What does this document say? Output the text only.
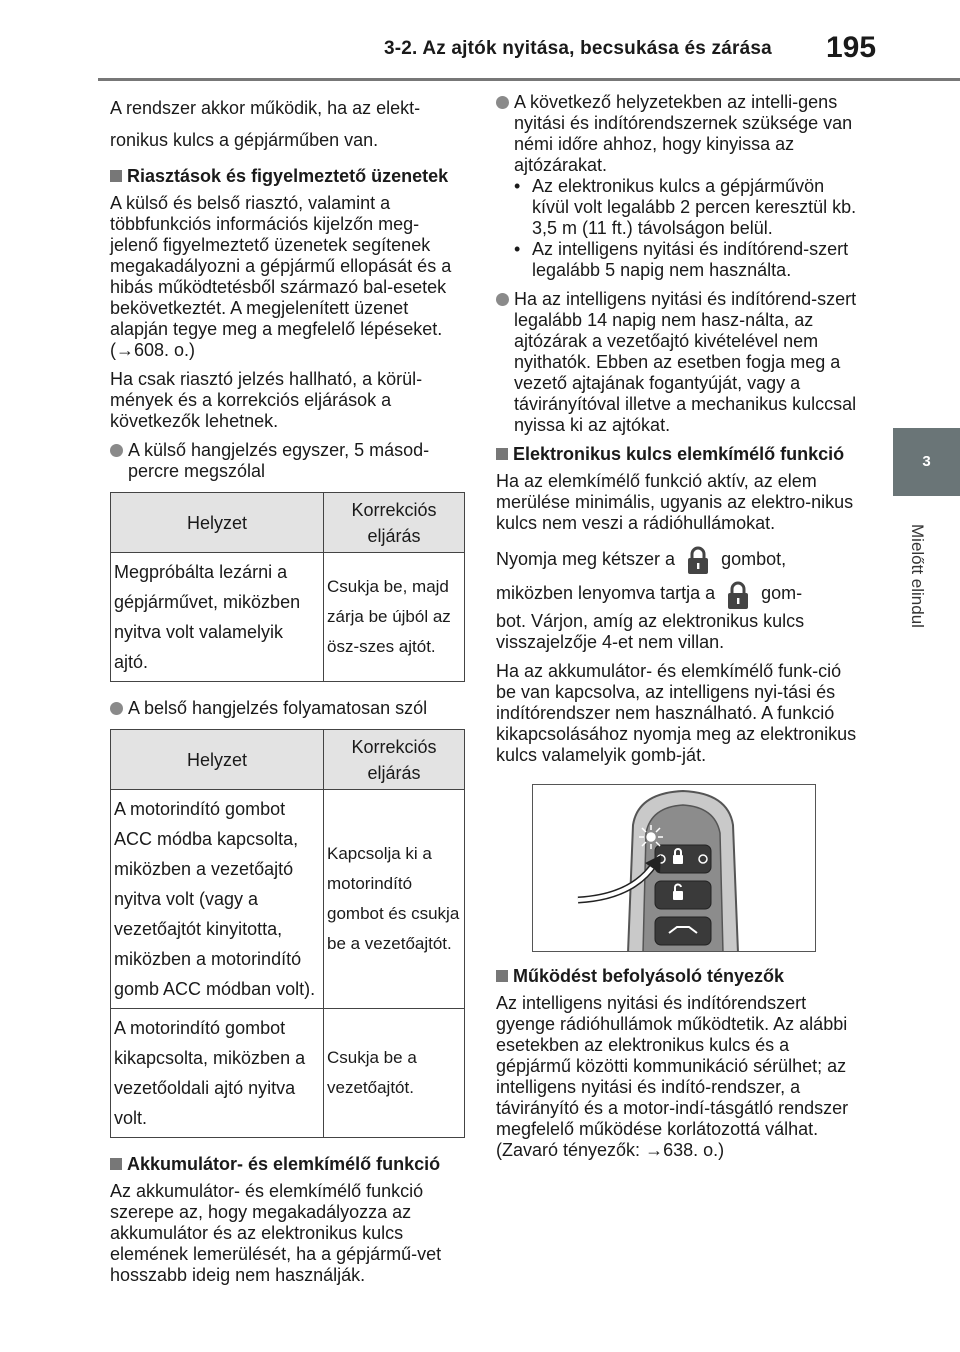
3-2. Az ajtók nyitása, becsukása és zárása 195
3
Mielőtt elindul

A rendszer akkor működik, ha az elekt-ronikus kulcs a gépjárműben van.

Riasztások és figyelmeztető üzenetek

A külső és belső riasztó, valamint a többfunkciós információs kijelzőn meg-jelenő figyelmeztető üzenetek segítenek megakadályozni a gépjármű ellopását és a hibás működtetésből származó bal-esetek bekövetkeztét. A megjelenített üzenet alapján tegye meg a megfelelő lépéseket. (→608. o.)

Ha csak riasztó jelzés hallható, a körül-mények és a korrekciós eljárások a következők lehetnek.

A külső hangjelzés egyszer, 5 másod-percre megszólal
Helyzet	Korrekciós eljárás
Megpróbálta lezárni a gépjárművet, miközben nyitva volt valamelyik ajtó.	Csukja be, majd zárja be újból az ösz-szes ajtót.
A belső hangjelzés folyamatosan szól
Helyzet	Korrekciós eljárás
A motorindító gombot ACC módba kapcsolta, miközben a vezetőajtó nyitva volt (vagy a vezetőajtót kinyitotta, miközben a motorindító gomb ACC módban volt).	Kapcsolja ki a motorindító gombot és csukja be a vezetőajtót.
A motorindító gombot kikapcsolta, miközben a vezetőoldali ajtó nyitva volt.	Csukja be a vezetőajtót.
Akkumulátor- és elemkímélő funkció

Az akkumulátor- és elemkímélő funkció szerepe az, hogy megakadályozza az akkumulátor és az elektronikus kulcs elemének lemerülését, ha a gépjármű-vet hosszabb ideig nem használják.

A következő helyzetekben az intelli-gens nyitási és indítórendszernek szüksége van némi időre ahhoz, hogy kinyissa az ajtózárakat.
• Az elektronikus kulcs a gépjárművön kívül volt legalább 2 percen keresztül kb. 3,5 m (11 ft.) távolságon belül.
• Az intelligens nyitási és indítórend-szert legalább 5 napig nem használta.
Ha az intelligens nyitási és indítórend-szert legalább 14 napig nem hasz-nálta, az ajtózárak a vezetőajtó kivételével nem nyithatók. Ebben az esetben fogja meg a vezető ajtajának fogantyúját, vagy a távirányítóval illetve a mechanikus kulccsal nyissa ki az ajtókat.
Elektronikus kulcs elemkímélő funkció

Ha az elemkímélő funkció aktív, az elem merülése minimális, ugyanis az elektro-nikus kulcs nem veszi a rádióhullámokat.

Nyomja meg kétszer a	gombot,

miközben lenyomva tartja a	gom-

bot. Várjon, amíg az elektronikus kulcs visszajelzője 4-et nem villan.

Ha az akkumulátor- és elemkímélő funk-ció be van kapcsolva, az intelligens nyi-tási és indítórendszer nem használható. A funkció kikapcsolásához nyomja meg az elektronikus kulcs valamelyik gomb-ját.

Működést befolyásoló tényezők

Az intelligens nyitási és indítórendszert gyenge rádióhullámok működtetik. Az alábbi esetekben az elektronikus kulcs és a gépjármű közötti kommunikáció sérülhet; az intelligens nyitási és indító-rendszer, a távirányító és a motor-indí-tásgátló rendszer megfelelő működése korlátozottá válhat. (Zavaró tényezők: →638. o.)
